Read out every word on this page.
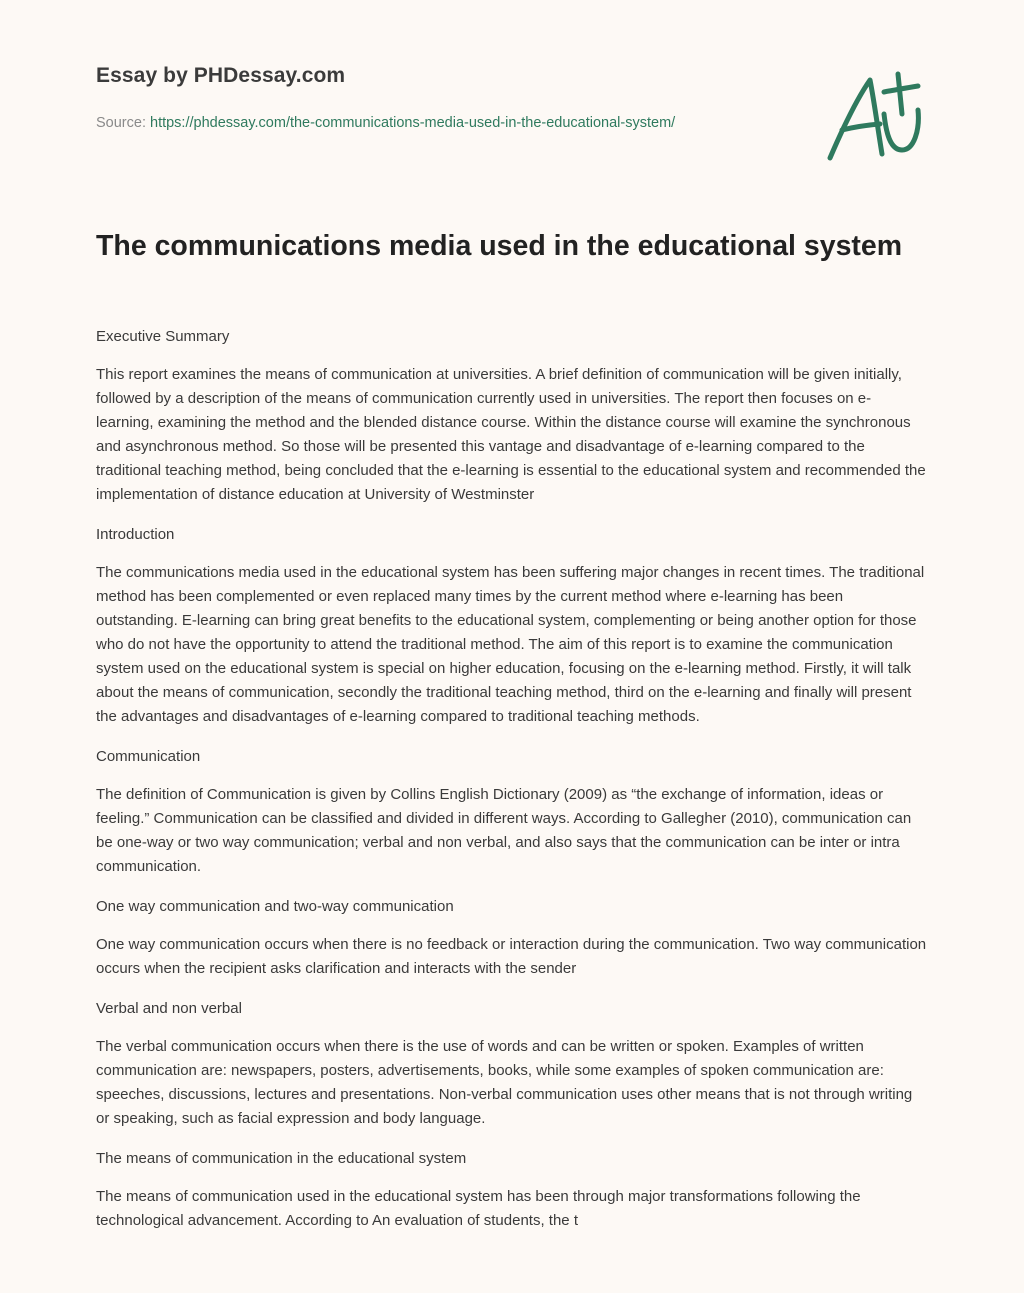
Essay by PHDessay.com
Source: https://phdessay.com/the-communications-media-used-in-the-educational-system/
The communications media used in the educational system
Executive Summary

This report examines the means of communication at universities. A brief definition of communication will be given initially, followed by a description of the means of communication currently used in universities. The report then focuses on e-learning, examining the method and the blended distance course. Within the distance course will examine the synchronous and asynchronous method. So those will be presented this vantage and disadvantage of e-learning compared to the traditional teaching method, being concluded that the e-learning is essential to the educational system and recommended the implementation of distance education at University of Westminster

Introduction

The communications media used in the educational system has been suffering major changes in recent times. The traditional method has been complemented or even replaced many times by the current method where e-learning has been outstanding. E-learning can bring great benefits to the educational system, complementing or being another option for those who do not have the opportunity to attend the traditional method. The aim of this report is to examine the communication system used on the educational system is special on higher education, focusing on the e-learning method. Firstly, it will talk about the means of communication, secondly the traditional teaching method, third on the e-learning and finally will present the advantages and disadvantages of e-learning compared to traditional teaching methods.

Communication

The definition of Communication is given by Collins English Dictionary (2009) as “the exchange of information, ideas or feeling.” Communication can be classified and divided in different ways. According to Gallegher (2010), communication can be one-way or two way communication; verbal and non verbal, and also says that the communication can be inter or intra communication.

One way communication and two-way communication

One way communication occurs when there is no feedback or interaction during the communication. Two way communication occurs when the recipient asks clarification and interacts with the sender

Verbal and non verbal

The verbal communication occurs when there is the use of words and can be written or spoken. Examples of written communication are: newspapers, posters, advertisements, books, while some examples of spoken communication are: speeches, discussions, lectures and presentations. Non-verbal communication uses other means that is not through writing or speaking, such as facial expression and body language.

The means of communication in the educational system

The means of communication used in the educational system has been through major transformations following the technological advancement. According to An evaluation of students, the t
